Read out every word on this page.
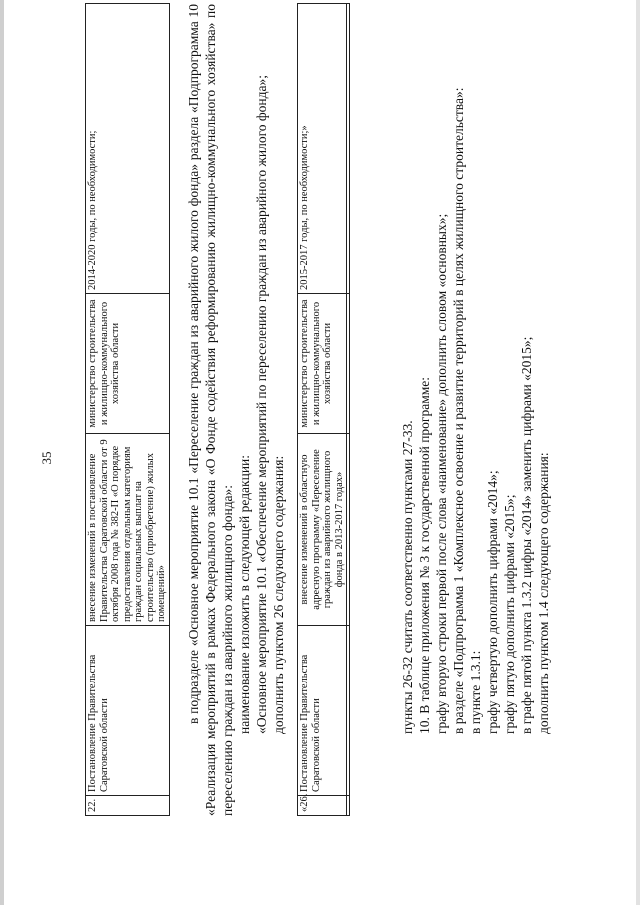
35
22.	Постановление Правительства Саратовской области	внесение изменений в постановление Правительства Саратовской области от 9 октября 2008 года № 382-П «О порядке предоставления отдельным категориям граждан социальных выплат на строительство (приобретение) жилых помещений»	министерство строительства и жилищно-коммунального хозяйства области	2014-2020 годы, по необходимости;	в подразделе «Основное мероприятие 10.1 «Переселение граждан из аварийного жилого фонда» раздела «Подпрограмма 10 «Реализация мероприятий в рамках Федерального закона «О Фонде содействия реформированию жилищно-коммунального хозяйства» по переселению граждан из аварийного жилищного фонда»: наименование изложить в следующей редакции: «Основное мероприятие 10.1 «Обеспечение мероприятий по переселению граждан из аварийного жилого фонда»; дополнить пунктом 26 следующего содержания:

«26.	Постановление Правительства Саратовской области	внесение изменений в областную адресную программу «Переселение граждан из аварийного жилищного фонда в 2013-2017 годах»	министерство строительства и жилищно-коммунального хозяйства области	2015-2017 годы, по необходимости;»

пункты 26-32 считать соответственно пунктами 27-33. 10. В таблице приложения № 3 к государственной программе: графу вторую строки первой после слова «наименование» дополнить словом «основных»; в разделе «Подпрограмма 1 «Комплексное освоение и развитие территорий в целях жилищного строительства»: в пункте 1.3.1: графу четвертую дополнить цифрами «2014»; графу пятую дополнить цифрами «2015»; в графе пятой пункта 1.3.2 цифры «2014» заменить цифрами «2015»; дополнить пунктом 1.4 следующего содержания:
